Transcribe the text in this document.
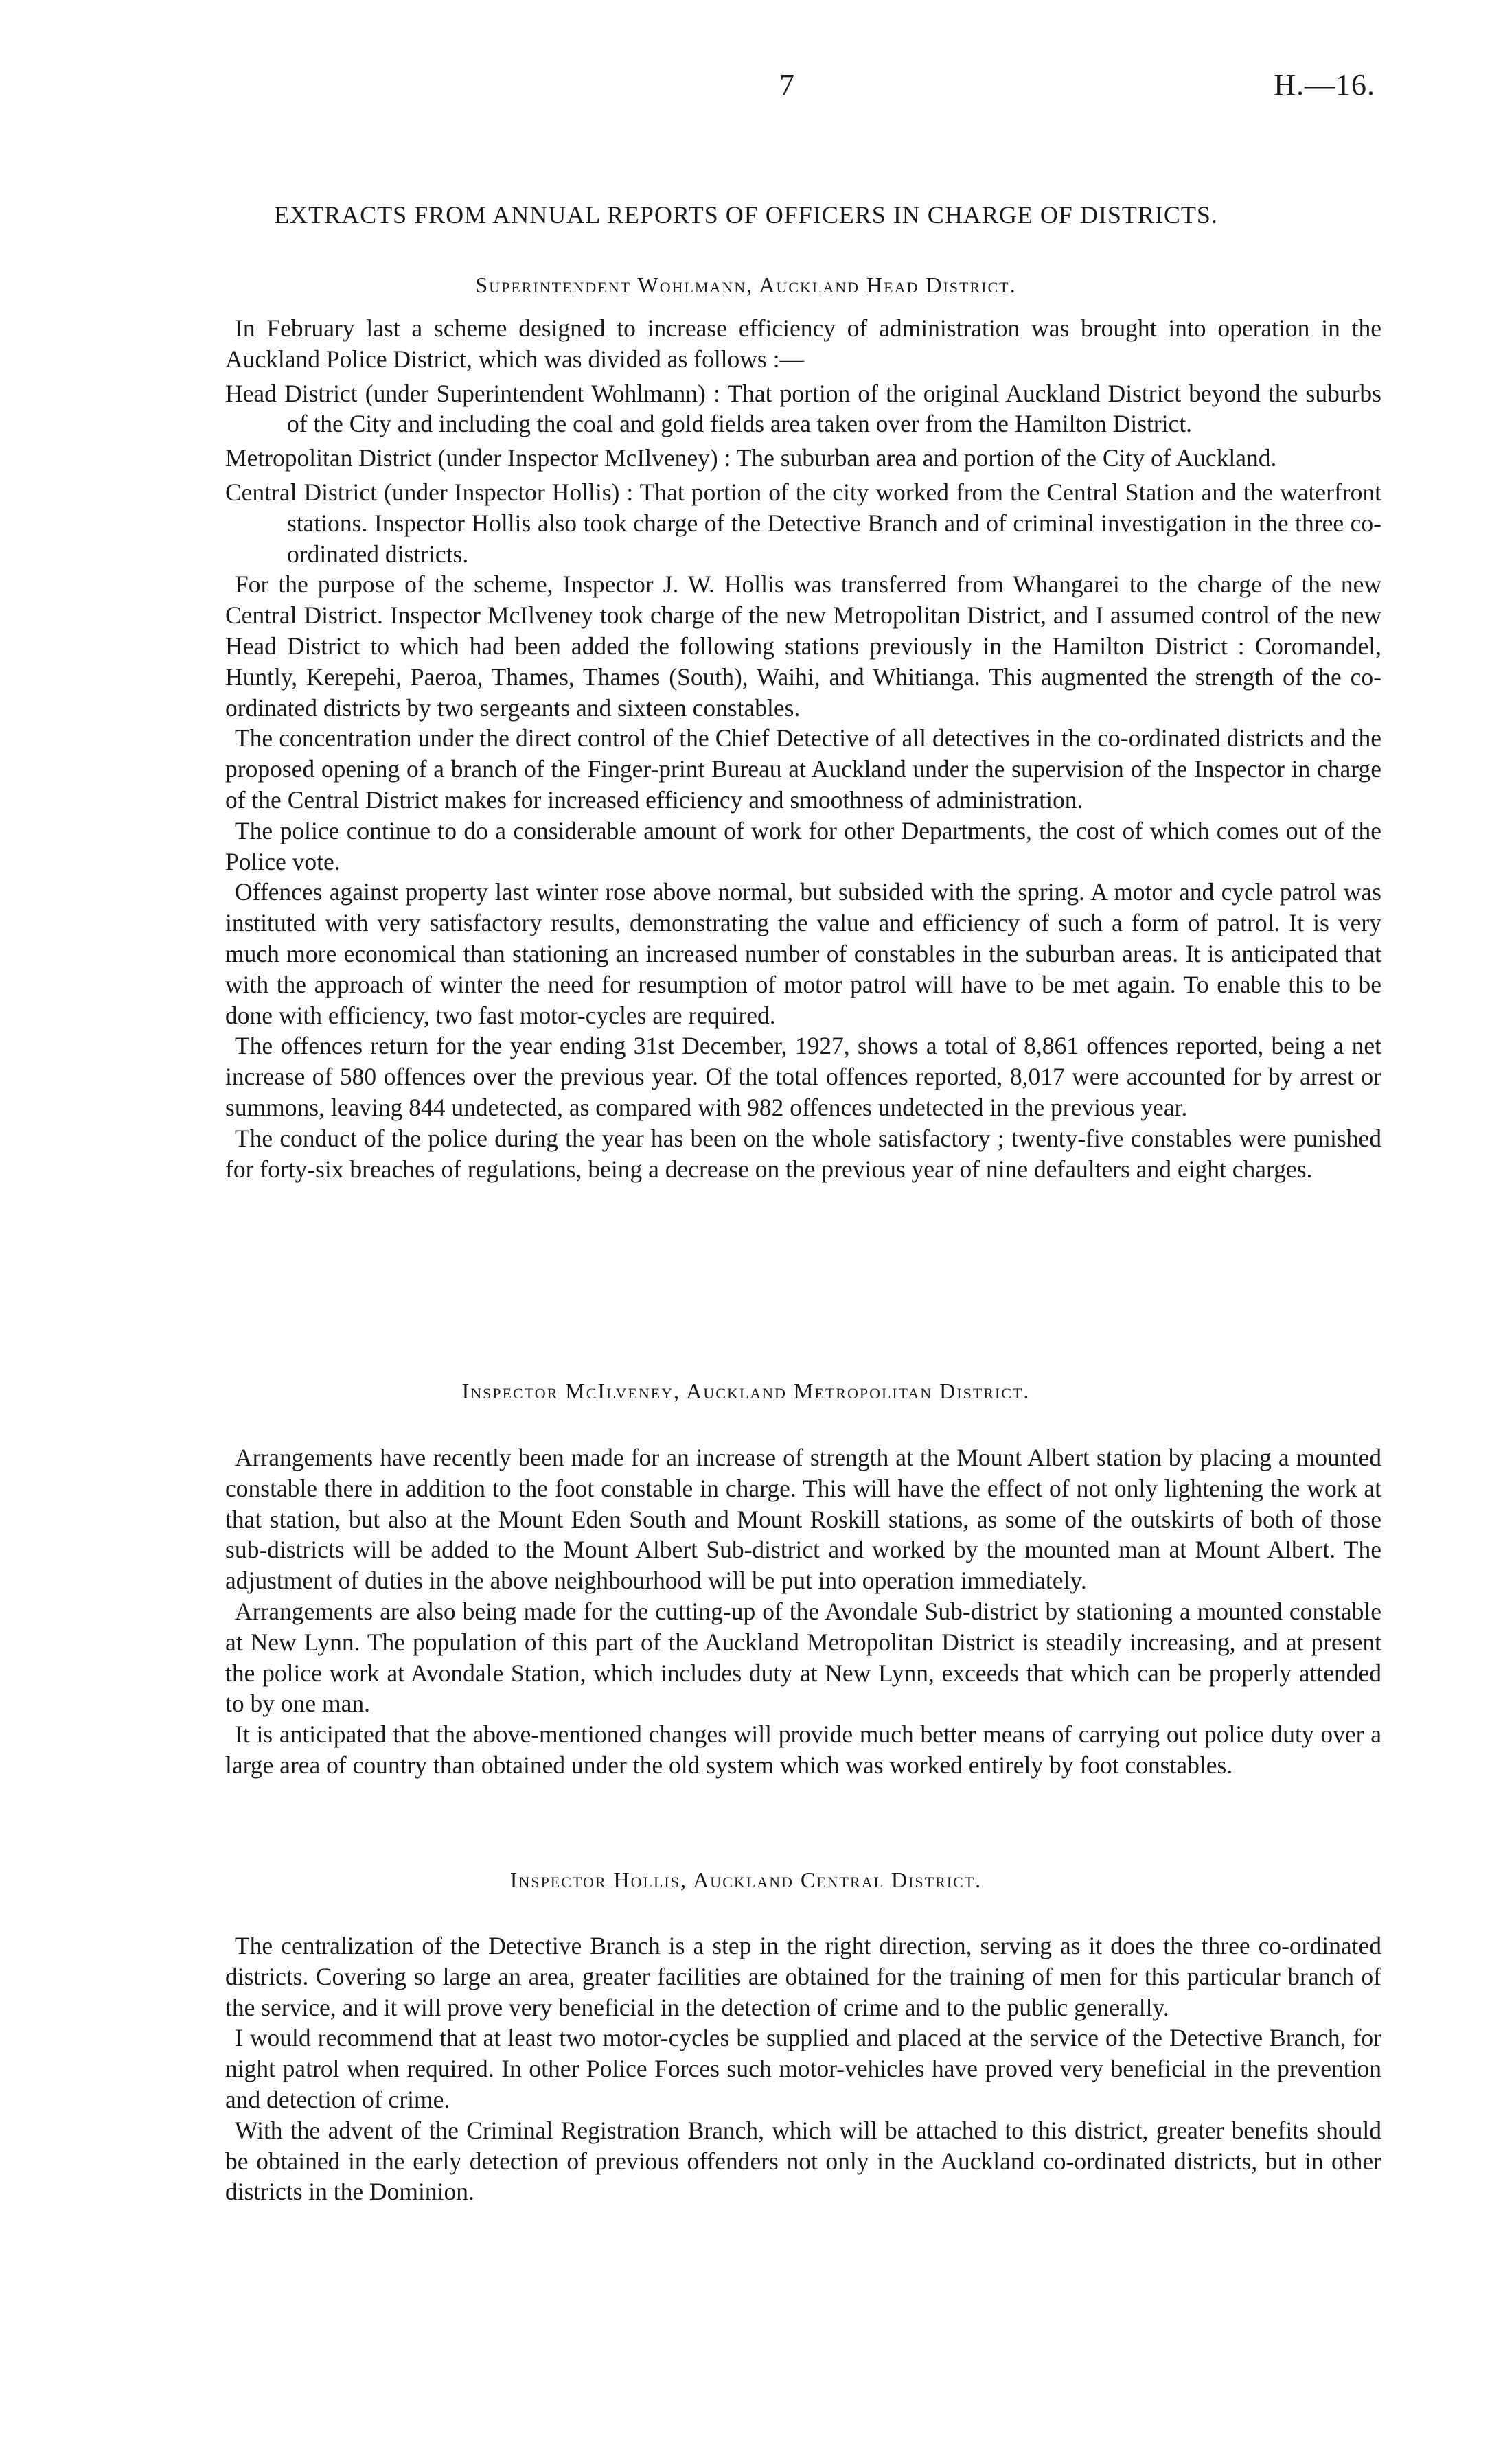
7	H.—16.
EXTRACTS FROM ANNUAL REPORTS OF OFFICERS IN CHARGE OF DISTRICTS.
Superintendent Wohlmann, Auckland Head District.

In February last a scheme designed to increase efficiency of administration was brought into operation in the Auckland Police District, which was divided as follows :—

Head District (under Superintendent Wohlmann) : That portion of the original Auckland District beyond the suburbs of the City and including the coal and gold fields area taken over from the Hamilton District.

Metropolitan District (under Inspector McIlveney) : The suburban area and portion of the City of Auckland.

Central District (under Inspector Hollis) : That portion of the city worked from the Central Station and the waterfront stations. Inspector Hollis also took charge of the Detective Branch and of criminal investigation in the three co-ordinated districts.

For the purpose of the scheme, Inspector J. W. Hollis was transferred from Whangarei to the charge of the new Central District. Inspector McIlveney took charge of the new Metropolitan District, and I assumed control of the new Head District to which had been added the following stations previously in the Hamilton District : Coromandel, Huntly, Kerepehi, Paeroa, Thames, Thames (South), Waihi, and Whitianga. This augmented the strength of the co-ordinated districts by two sergeants and sixteen constables.

The concentration under the direct control of the Chief Detective of all detectives in the co-ordinated districts and the proposed opening of a branch of the Finger-print Bureau at Auckland under the supervision of the Inspector in charge of the Central District makes for increased efficiency and smoothness of administration.

The police continue to do a considerable amount of work for other Departments, the cost of which comes out of the Police vote.

Offences against property last winter rose above normal, but subsided with the spring. A motor and cycle patrol was instituted with very satisfactory results, demonstrating the value and efficiency of such a form of patrol. It is very much more economical than stationing an increased number of constables in the suburban areas. It is anticipated that with the approach of winter the need for resumption of motor patrol will have to be met again. To enable this to be done with efficiency, two fast motor-cycles are required.

The offences return for the year ending 31st December, 1927, shows a total of 8,861 offences reported, being a net increase of 580 offences over the previous year. Of the total offences reported, 8,017 were accounted for by arrest or summons, leaving 844 undetected, as compared with 982 offences undetected in the previous year.

The conduct of the police during the year has been on the whole satisfactory ; twenty-five constables were punished for forty-six breaches of regulations, being a decrease on the previous year of nine defaulters and eight charges.

Inspector McIlveney, Auckland Metropolitan District.

Arrangements have recently been made for an increase of strength at the Mount Albert station by placing a mounted constable there in addition to the foot constable in charge. This will have the effect of not only lightening the work at that station, but also at the Mount Eden South and Mount Roskill stations, as some of the outskirts of both of those sub-districts will be added to the Mount Albert Sub-district and worked by the mounted man at Mount Albert. The adjustment of duties in the above neighbourhood will be put into operation immediately.

Arrangements are also being made for the cutting-up of the Avondale Sub-district by stationing a mounted constable at New Lynn. The population of this part of the Auckland Metropolitan District is steadily increasing, and at present the police work at Avondale Station, which includes duty at New Lynn, exceeds that which can be properly attended to by one man.

It is anticipated that the above-mentioned changes will provide much better means of carrying out police duty over a large area of country than obtained under the old system which was worked entirely by foot constables.

Inspector Hollis, Auckland Central District.

The centralization of the Detective Branch is a step in the right direction, serving as it does the three co-ordinated districts. Covering so large an area, greater facilities are obtained for the training of men for this particular branch of the service, and it will prove very beneficial in the detection of crime and to the public generally.

I would recommend that at least two motor-cycles be supplied and placed at the service of the Detective Branch, for night patrol when required. In other Police Forces such motor-vehicles have proved very beneficial in the prevention and detection of crime.

With the advent of the Criminal Registration Branch, which will be attached to this district, greater benefits should be obtained in the early detection of previous offenders not only in the Auckland co-ordinated districts, but in other districts in the Dominion.
